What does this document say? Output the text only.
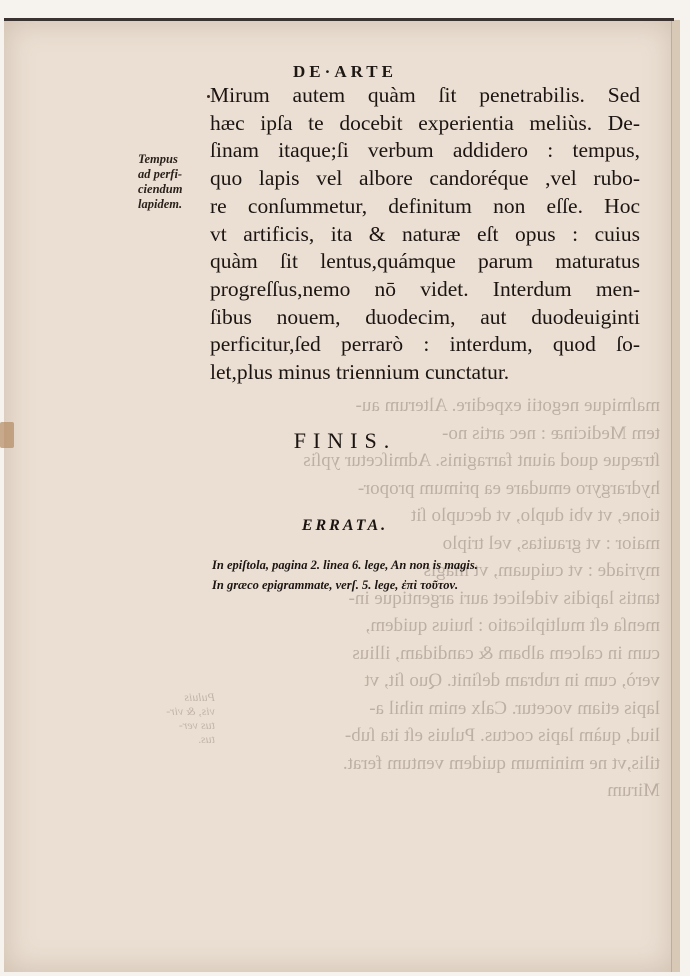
maſmique negotii expedire. Alterum au-
tem Medicinæ : nec artis no-
ſtræque quod aiunt farraginis. Admiſcetur ypſis
hydrargyro emudare ea primum propor-
tione, vt vbi duplo, vt decuplo ſit
maior : vt grauitas, vel triplo
myriade : vt cuiquam, vt magis
tantis lapidis videlicet auri argentique in-
menſa eſt multiplicatio : huius quidem,
cum in calcem albam & candidam, illius
verò, cum in rubram deſinit. Quo ſit, vt
lapis etiam vocetur. Calx enim nihil a-
liud, quàm lapis coctus. Puluis eſt ita ſub-
tilis,vt ne minimum quidem ventum ferat.
Mirum
Puluis
vis, & vir-
tus ver-
tus.
DE·ARTE
Tempus
ad perfi-
ciendum
lapidem.
Mirum autem quàm ſit penetrabilis. Sed
hæc ipſa te docebit experientia meliùs. De-
ſinam itaque;ſi verbum addidero : tempus,
quo lapis vel albore candoréque ,vel rubo-
re conſummetur, definitum non eſſe. Hoc
vt artificis, ita & naturæ eſt opus : cuius
quàm ſit lentus,quámque parum maturatus
progreſſus,nemo nō videt. Interdum men-
ſibus nouem, duodecim, aut duodeuiginti
perficitur,ſed perrarò : interdum, quod ſo-
let,plus minus triennium cunctatur.
FINIS.
ERRATA.
In epiſtola, pagina 2. linea 6. lege, An non is magis.
In græco epigrammate, verſ. 5. lege, ἐπὶ τοῦτον.
